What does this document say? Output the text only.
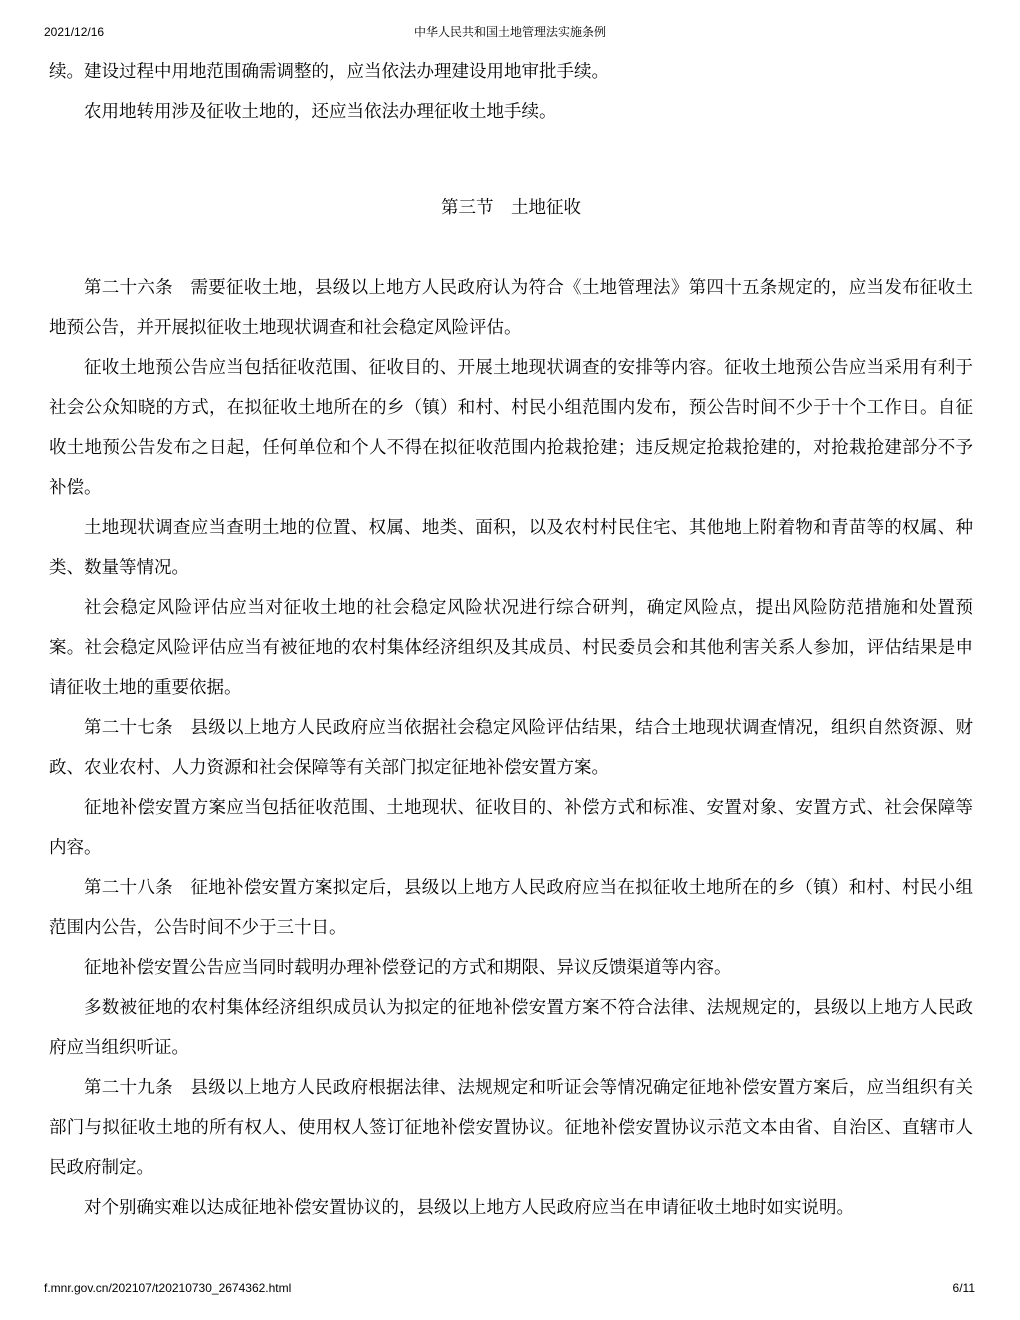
2021/12/16	中华人民共和国土地管理法实施条例

续。建设过程中用地范围确需调整的，应当依法办理建设用地审批手续。

农用地转用涉及征收土地的，还应当依法办理征收土地手续。

第三节　土地征收

第二十六条 需要征收土地，县级以上地方人民政府认为符合《土地管理法》第四十五条规定的，应当发布征收土地预公告，并开展拟征收土地现状调查和社会稳定风险评估。

征收土地预公告应当包括征收范围、征收目的、开展土地现状调查的安排等内容。征收土地预公告应当采用有利于社会公众知晓的方式，在拟征收土地所在的乡（镇）和村、村民小组范围内发布，预公告时间不少于十个工作日。自征收土地预公告发布之日起，任何单位和个人不得在拟征收范围内抢栽抢建；违反规定抢栽抢建的，对抢栽抢建部分不予补偿。

土地现状调查应当查明土地的位置、权属、地类、面积，以及农村村民住宅、其他地上附着物和青苗等的权属、种类、数量等情况。

社会稳定风险评估应当对征收土地的社会稳定风险状况进行综合研判，确定风险点，提出风险防范措施和处置预案。社会稳定风险评估应当有被征地的农村集体经济组织及其成员、村民委员会和其他利害关系人参加，评估结果是申请征收土地的重要依据。

第二十七条 县级以上地方人民政府应当依据社会稳定风险评估结果，结合土地现状调查情况，组织自然资源、财政、农业农村、人力资源和社会保障等有关部门拟定征地补偿安置方案。

征地补偿安置方案应当包括征收范围、土地现状、征收目的、补偿方式和标准、安置对象、安置方式、社会保障等内容。

第二十八条 征地补偿安置方案拟定后，县级以上地方人民政府应当在拟征收土地所在的乡（镇）和村、村民小组范围内公告，公告时间不少于三十日。

征地补偿安置公告应当同时载明办理补偿登记的方式和期限、异议反馈渠道等内容。

多数被征地的农村集体经济组织成员认为拟定的征地补偿安置方案不符合法律、法规规定的，县级以上地方人民政府应当组织听证。

第二十九条 县级以上地方人民政府根据法律、法规规定和听证会等情况确定征地补偿安置方案后，应当组织有关部门与拟征收土地的所有权人、使用权人签订征地补偿安置协议。征地补偿安置协议示范文本由省、自治区、直辖市人民政府制定。

对个别确实难以达成征地补偿安置协议的，县级以上地方人民政府应当在申请征收土地时如实说明。

f.mnr.gov.cn/202107/t20210730_2674362.html	6/11
